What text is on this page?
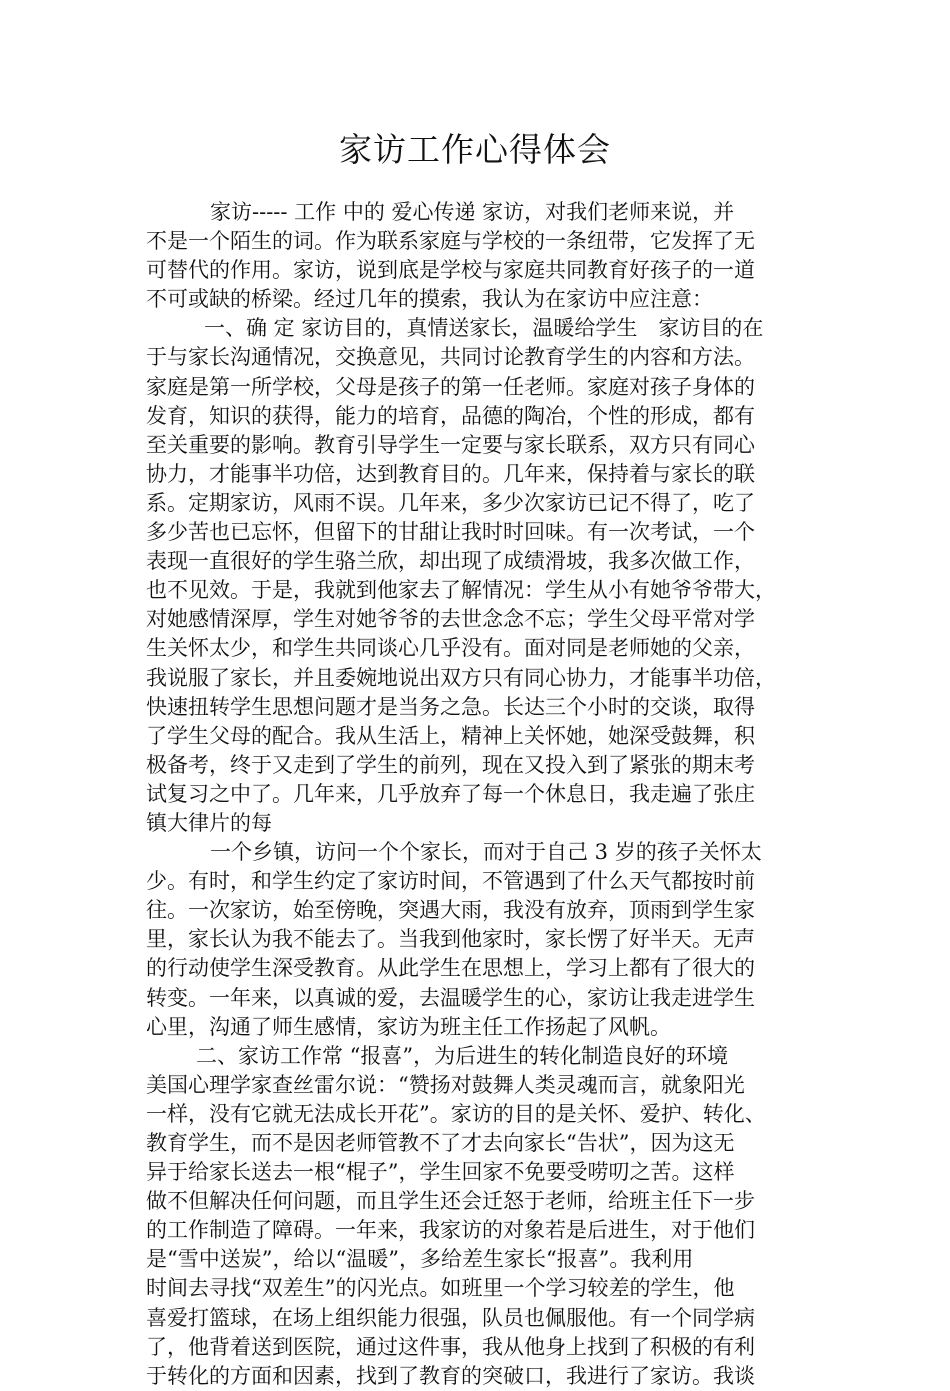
家访工作心得体会
家访----- 工作 中的 爱心传递 家访，对我们老师来说，并
不是一个陌生的词。作为联系家庭与学校的一条纽带，它发挥了无
可替代的作用。家访，说到底是学校与家庭共同教育好孩子的一道
不可或缺的桥梁。经过几年的摸索，我认为在家访中应注意：
一、确 定 家访目的，真情送家长，温暖给学生　家访目的在
于与家长沟通情况，交换意见，共同讨论教育学生的内容和方法。
家庭是第一所学校，父母是孩子的第一任老师。家庭对孩子身体的
发育，知识的获得，能力的培育，品德的陶冶，个性的形成，都有
至关重要的影响。教育引导学生一定要与家长联系，双方只有同心
协力，才能事半功倍，达到教育目的。几年来，保持着与家长的联
系。定期家访，风雨不误。几年来，多少次家访已记不得了，吃了
多少苦也已忘怀，但留下的甘甜让我时时回味。有一次考试，一个
表现一直很好的学生骆兰欣，却出现了成绩滑坡，我多次做工作，
也不见效。于是，我就到他家去了解情况：学生从小有她爷爷带大，
对她感情深厚，学生对她爷爷的去世念念不忘；学生父母平常对学
生关怀太少，和学生共同谈心几乎没有。面对同是老师她的父亲，
我说服了家长，并且委婉地说出双方只有同心协力，才能事半功倍，
快速扭转学生思想问题才是当务之急。长达三个小时的交谈，取得
了学生父母的配合。我从生活上，精神上关怀她，她深受鼓舞，积
极备考，终于又走到了学生的前列，现在又投入到了紧张的期末考
试复习之中了。几年来，几乎放弃了每一个休息日，我走遍了张庄
镇大律片的每
一个乡镇，访问一个个家长，而对于自己 3 岁的孩子关怀太
少。有时，和学生约定了家访时间，不管遇到了什么天气都按时前
往。一次家访，始至傍晚，突遇大雨，我没有放弃，顶雨到学生家
里，家长认为我不能去了。当我到他家时，家长愣了好半天。无声
的行动使学生深受教育。从此学生在思想上，学习上都有了很大的
转变。一年来，以真诚的爱，去温暖学生的心，家访让我走进学生
心里，沟通了师生感情，家访为班主任工作扬起了风帆。
二、家访工作常 “报喜”，为后进生的转化制造良好的环境
美国心理学家查丝雷尔说：“赞扬对鼓舞人类灵魂而言，就象阳光
一样，没有它就无法成长开花”。家访的目的是关怀、爱护、转化、
教育学生，而不是因老师管教不了才去向家长“告状”，因为这无
异于给家长送去一根“棍子”，学生回家不免要受唠叨之苦。这样
做不但解决任何问题，而且学生还会迁怒于老师，给班主任下一步
的工作制造了障碍。一年来，我家访的对象若是后进生，对于他们
是“雪中送炭”，给以“温暖”，多给差生家长“报喜”。我利用
时间去寻找“双差生”的闪光点。如班里一个学习较差的学生，他
喜爱打篮球，在场上组织能力很强，队员也佩服他。有一个同学病
了，他背着送到医院，通过这件事，我从他身上找到了积极的有利
于转化的方面和因素，找到了教育的突破口，我进行了家访。我谈
